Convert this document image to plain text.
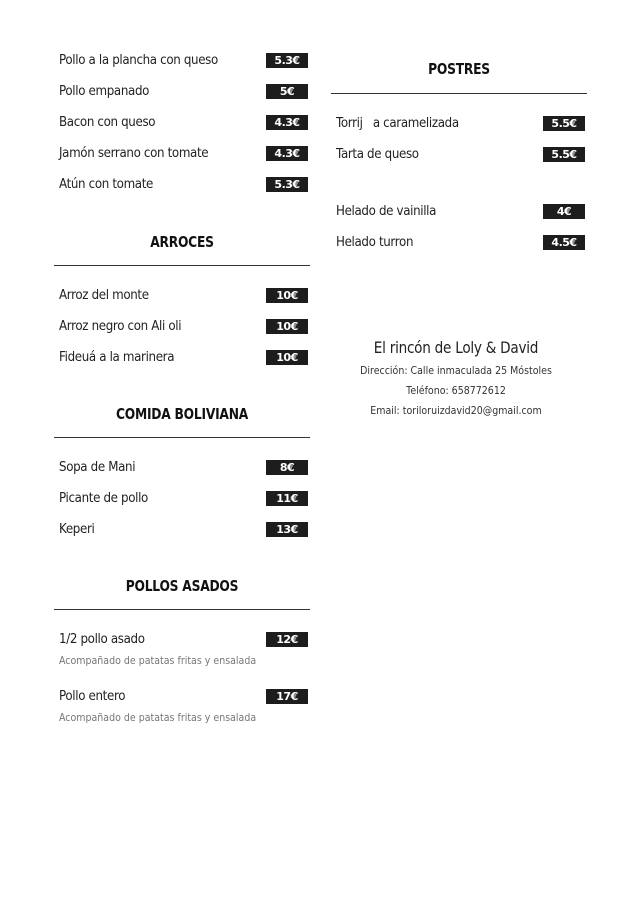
Pollo a la plancha con queso	5.3€
Pollo empanado	5€
Bacon con queso	4.3€
Jamón serrano con tomate	4.3€
Atún con tomate	5.3€
ARROCES
Arroz del monte	10€
Arroz negro con Ali oli	10€
Fideuá a la marinera	10€
COMIDA BOLIVIANA
Sopa de Mani	8€
Picante de pollo	11€
Keperi	13€
POLLOS ASADOS
1/2 pollo asado	12€
Acompañado de patatas fritas y ensalada
Pollo entero	17€
Acompañado de patatas fritas y ensalada
POSTRES
Torrij   a caramelizada	5.5€
Tarta de queso	5.5€
Helado de vainilla	4€
Helado turron	4.5€
El rincón de Loly & David
Dirección: Calle inmaculada 25 Móstoles
Teléfono: 658772612
Email: toriloruizdavid20@gmail.com
